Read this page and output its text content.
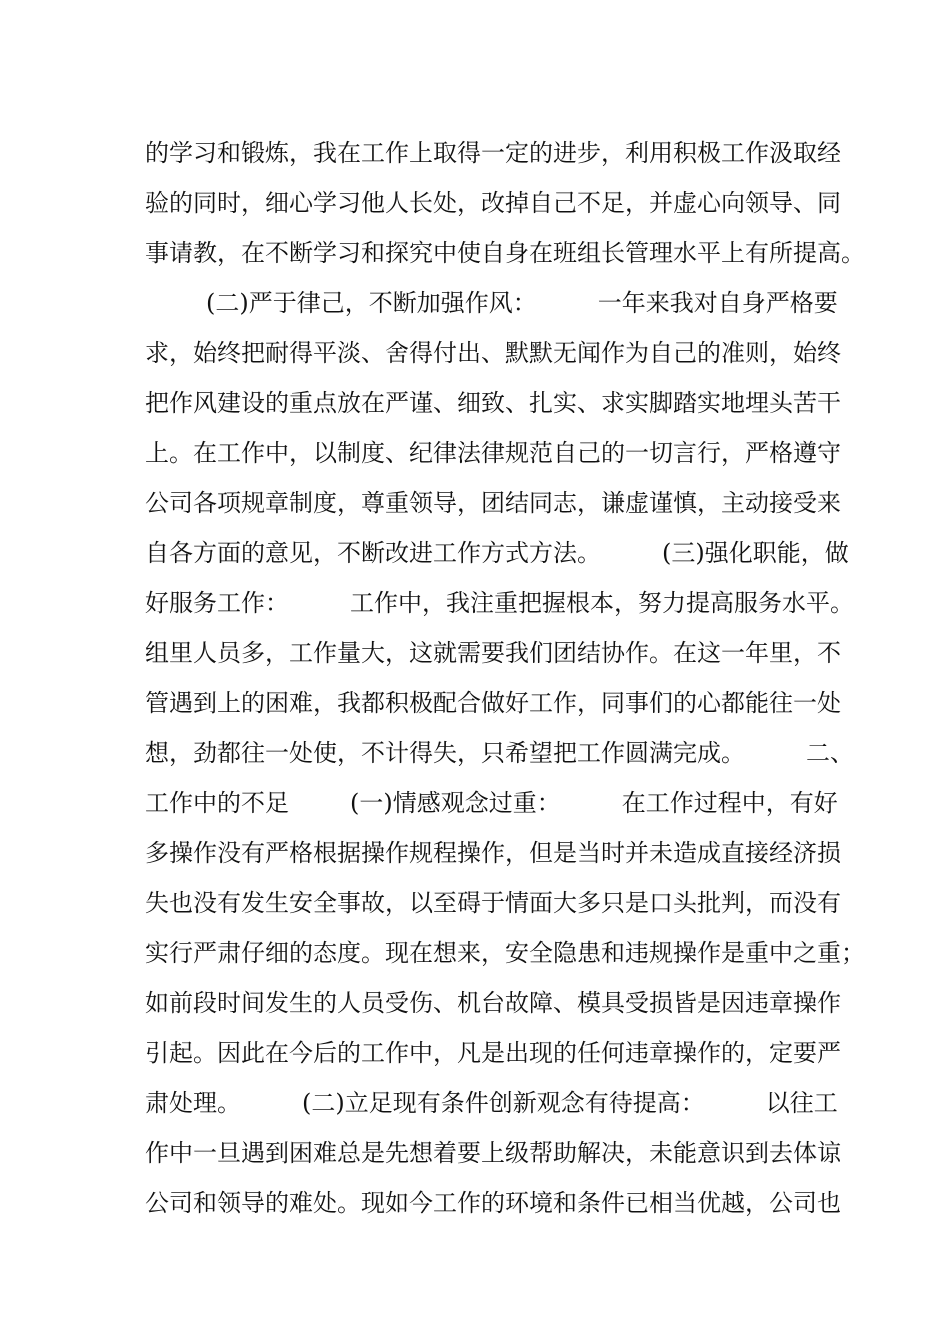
的学习和锻炼，我在工作上取得一定的进步，利用积极工作汲取经
验的同时，细心学习他人长处，改掉自己不足，并虚心向领导、同
事请教，在不断学习和探究中使自身在班组长管理水平上有所提高。
(二)严于律己，不断加强作风：        一年来我对自身严格要
求，始终把耐得平淡、舍得付出、默默无闻作为自己的准则，始终
把作风建设的重点放在严谨、细致、扎实、求实脚踏实地埋头苦干
上。在工作中，以制度、纪律法律规范自己的一切言行，严格遵守
公司各项规章制度，尊重领导，团结同志，谦虚谨慎，主动接受来
自各方面的意见，不断改进工作方式方法。        (三)强化职能，做
好服务工作：        工作中，我注重把握根本，努力提高服务水平。
组里人员多，工作量大，这就需要我们团结协作。在这一年里，不
管遇到上的困难，我都积极配合做好工作，同事们的心都能往一处
想，劲都往一处使，不计得失，只希望把工作圆满完成。        二、
工作中的不足        (一)情感观念过重：        在工作过程中，有好
多操作没有严格根据操作规程操作，但是当时并未造成直接经济损
失也没有发生安全事故，以至碍于情面大多只是口头批判，而没有
实行严肃仔细的态度。现在想来，安全隐患和违规操作是重中之重；
如前段时间发生的人员受伤、机台故障、模具受损皆是因违章操作
引起。因此在今后的工作中，凡是出现的任何违章操作的，定要严
肃处理。        (二)立足现有条件创新观念有待提高：        以往工
作中一旦遇到困难总是先想着要上级帮助解决，未能意识到去体谅
公司和领导的难处。现如今工作的环境和条件已相当优越，公司也
